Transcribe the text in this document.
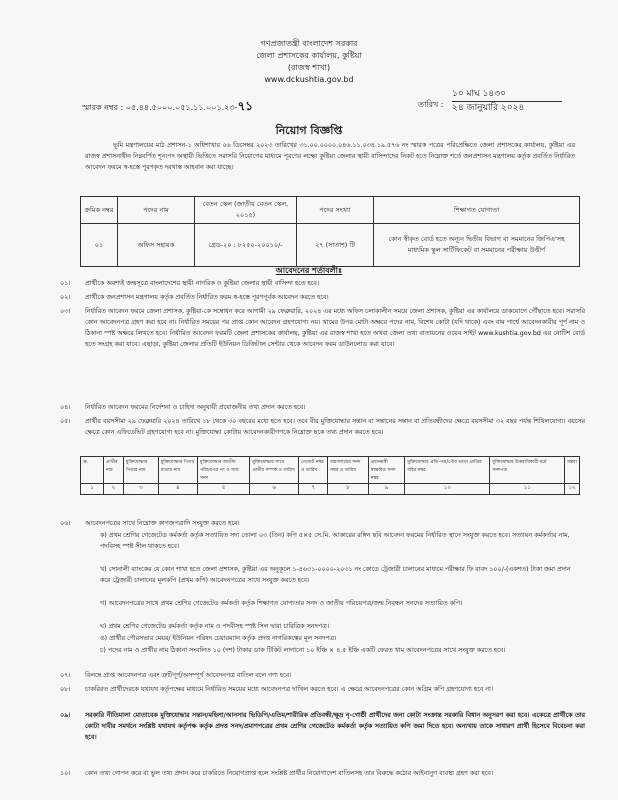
গণপ্রজাতন্ত্রী বাংলাদেশ সরকার
জেলা প্রশাসকের কার্যালয়, কুষ্টিয়া
(রাজস্ব শাখা)
www.dckushtia.gov.bd
স্মারক নম্বর : ০৫.৪৪.৫০০০.০৫১.১১.০০১.২৩-৭১	তারিখ :
১০ মাঘ ১৪৩০
২৪ জানুয়ারি ২০২৪
নিয়োগ বিজ্ঞপ্তি
ভূমি মন্ত্রণালয়ের মাঠ প্রশাসন-১ অধিশাখার ০৬ ডিসেম্বর ২০২৩ তারিখের ৩১.০০.০০০০.০৪৬.১১.০৩৪.১৯.৫৭৬ নং স্মারক পত্রের পরিপ্রেক্ষিতে জেলা প্রশাসকের কার্যালয়, কুষ্টিয়া এর রাজস্ব প্রশাসনাধীন নিম্নবর্ণিত শূন্যপদ অস্থায়ী ভিত্তিতে সরাসরি নিয়োগের মাধ্যমে পূরণের লক্ষ্যে কুষ্টিয়া জেলার স্থায়ী বাসিন্দাদের নিকট হতে নিম্নোক্ত শর্তে জনপ্রশাসন মন্ত্রণালয় কর্তৃক প্রবর্তিত নির্ধারিত আবেদন ফরমে স্ব-হস্তে পূরণকৃত দরখাস্ত আহবান করা যাচ্ছে।
ক্রমিক নম্বর	পদের নাম	বেতন স্কেল (জাতীয় বেতন স্কেল, ২০১৫)	পদের সংখ্যা	শিক্ষাগত যোগ্যতা
০১	অফিস সহায়ক	গ্রেড-২০ : ৮২৫০-২০০১০/-	২৭ (সাতাশ) টি	কোন স্বীকৃত বোর্ড হতে অন্যূন দ্বিতীয় বিভাগ বা সমমানের জিপিএ'সহ মাধ্যমিক স্কুল সার্টিফিকেট বা সমমানের পরীক্ষায় উত্তীর্ণ
আবেদনের শর্তাবলীঃ
০১।	প্রার্থীকে অবশ্যই জন্মসূত্রে বাংলাদেশের স্থায়ী নাগরিক ও কুষ্টিয়া জেলার স্থায়ী বাসিন্দা হতে হবে।
০২।	প্রার্থীকে জনপ্রশাসন মন্ত্রণালয় কর্তৃক প্রবর্তিত নির্ধারিত ফরম স্ব-হস্তে পূরণপূর্বক আবেদন করতে হবে।
০৩।	নির্ধারিত আবেদন ফরমে জেলা প্রশাসক, কুষ্টিয়া-কে সম্বোধন করে আগামী ২৯ ফেব্রুয়ারি, ২০২৪ এর মধ্যে অফিস চলাকালীন সময়ে জেলা প্রশাসক, কুষ্টিয়া এর কার্যালয়ে ডাকযোগে পৌঁছাতে হবে। সরাসরি কোন আবেদনপত্র গ্রহণ করা হবে না। নির্ধারিত সময়ের পর প্রাপ্ত কোন আবেদন গ্রহণযোগ্য নয়। খামের উপর মোটা অক্ষরে পদের নাম, বিশেষ কোটা (যদি থাকে) এবং বাম পার্শ্বে আবেদনকারীর পূর্ণ নাম ও ঠিকানা স্পষ্ট অক্ষরে লিখতে হবে। নির্ধারিত আবেদন ফরমটি জেলা প্রশাসকের কার্যালয়, কুষ্টিয়া এর রাজস্ব শাখা হতে অথবা জেলা তথ্য বাতায়নের ওয়েব সাইট www.kushtia.gov.bd এর নোটিশ বোর্ড হতে সংগ্রহ করা যাবে। এছাড়া, কুষ্টিয়া জেলার প্রতিটি ইউনিয়ন ডিজিটাল সেন্টার থেকে আবেদন ফরম ডাউনলোড করা যাবে।
০৪।	নির্ধারিত আবেদন ফরমের নির্দেশনা ও চাহিদা অনুযায়ী প্রযোজনীয় তথ্য প্রদান করতে হবে।
০৫।	প্রার্থীর বয়সসীমা ২৯ ফেব্রুয়ারি ২০২৪ তারিখে ১৮ থেকে ৩০ বছরের মধ্যে হতে হবে। তবে বীর মুক্তিযোদ্ধার সন্তান বা সন্তানের সন্তান বা প্রতিবন্ধীদের ক্ষেত্রে বয়সসীমা ৩২ বছর পর্যন্ত শিথিলযোগ্য। বয়সের ক্ষেত্রে কোন এফিডেভিট গ্রহণযোগ্য হবে না। মুক্তিযোদ্ধা কোটায় আবেদনকারীগণকে নিম্নোক্ত ছকে তথ্য প্রদান করতে হবে।
ক্র.	প্রার্থীর নাম	মুক্তিযোদ্ধার পিতার নাম	মুক্তিযোদ্ধার পিতা/মাতার নাম	মুক্তিযোদ্ধার জাতীয় পরিচয়পত্র নং ও জন্ম সনদ	মুক্তিযোদ্ধার সাথে প্রার্থীর সম্পর্ক ও তারিখ	গেজেট নম্বর ও তারিখ	মন্ত্রণালয়ের সনদ নম্বর ও তারিখ	প্রধানমন্ত্রী স্বাক্ষরিত সনদ নম্বর	মুক্তিযোদ্ধার প্রতি-পত্র/পৌর ভাতা প্রাপ্তির বহির নম্বর	মুক্তিযোদ্ধার উত্তরাধিকারী মর্মে সনদপত্র	মন্তব্য
১	২	৩	৪	৫	৬	৭	৮	৯	১০	১১	১২
০৬।	আবেদনপত্রের সাথে নিম্নোক্ত কাগজপত্রাদি সংযুক্ত করতে হবে।
ক) প্রথম শ্রেণির গেজেটেড কর্মকর্তা কর্তৃক সত্যায়িত সদ্য তোলা ০৩ (তিন) কপি ৫×৫ সে.মি. আকারের রঙ্গিন ছবি আবেদন ফরমের নির্ধারিত স্থানে সংযুক্ত করতে হবে। সত্যায়ন কর্মকর্তার নাম, পদবিসহ স্পষ্ট সীল থাকতে হবে।
খ) সোনালী ব্যাংকের যে কোন শাখা হতে জেলা প্রশাসক, কুষ্টিয়া এর অনুকূলে ১-৪৬৩১-০০০০-২০৩১ নং কোডে ট্রেজারী চালানের মাধ্যমে পরীক্ষার ফি বাবদ ১০০/-(একশত) টাকা জমা প্রদান করে ট্রেজারী চালানের মূলকপি (প্রথম কপি) আবেদনপত্রের সাথে সংযুক্ত করতে হবে।
গ) আবেদনপত্রের সাথে প্রথম শ্রেণির গেজেটেড কর্মকর্তা কর্তৃক শিক্ষাগত যোগ্যতার সনদ ও জাতীয় পরিচয়পত্র/জন্ম নিবন্ধন সনদের সত্যায়িত কপি।
ঘ) প্রথম শ্রেণির গেজেটেড কর্মকর্তা কর্তৃক নাম ও পদবীসহ স্পষ্ট সিল দ্বারা চারিত্রিক সনদপত্র।
ঙ) প্রার্থীর পৌরসভার মেয়র/ ইউনিয়ন পরিষদ চেয়ারম্যান কর্তৃক প্রদত্ত নাগরিকত্বের মূল সনদপত্র।
চ) পদের নাম ও প্রার্থীর নাম ঠিকানা সংবলিত ১০ (দশ) টাকার ডাক টিকিট লাগানো ১০ ইঞ্চি × ৪.৫ ইঞ্চি একটি ফেরত খাম আবেদনপত্রের সাথে সংযুক্ত করতে হবে।
০৭।	বিলম্বে প্রাপ্ত আবেদনপত্র এবং ত্রুটিপূর্ণ/অসম্পূর্ণ আবেদনপত্র বাতিল বলে গণ্য হবে।
০৮।	চাকরিরত প্রার্থীদেরকে যথাযথ কর্তৃপক্ষের মাধ্যমে নির্ধারিত সময়ের মধ্যে আবেদনপত্র দাখিল করতে হবে। এ ক্ষেত্রে আবেদনপত্রের কোন অগ্রিম কপি গ্রহণযোগ্য হবে না।
০৯।	সরকারি নীতিমালা মোতাবেক মুক্তিযোদ্ধার সন্তান/মহিলা/আনসার ভিডিপি/এতিম/শারীরিক প্রতিবন্ধী/ক্ষুদ্র নৃ-গোষ্ঠী প্রার্থীদের জন্য কোটা সংক্রান্ত সরকারি বিধান অনুসরণ করা হবে। একেত্রে প্রার্থীকে তার কোটা দাবীর সমর্থনে সংশ্লিষ্ট যথাযথ কর্তৃপক্ষ কর্তৃক প্রদত্ত সনদ/প্রমাণপত্রের প্রথম শ্রেণির গেজেটেড কর্মকর্তা কর্তৃক সত্যায়িত কপি জমা দিতে হবে। অন্যথায় তাকে সাধারণ প্রার্থী হিসেবে বিবেচনা করা হবে।
১০।	কোন তথ্য গোপন করে বা ভুল তথ্য প্রদান করে চাকরিতে নিয়োগপ্রাপ্ত হলে সংশ্লিষ্ট প্রার্থীর নিয়োগাদেশ বাতিলসহ তার বিরুদ্ধে কঠোর আইনানুগ ব্যবস্থা গ্রহণ করা হবে।
